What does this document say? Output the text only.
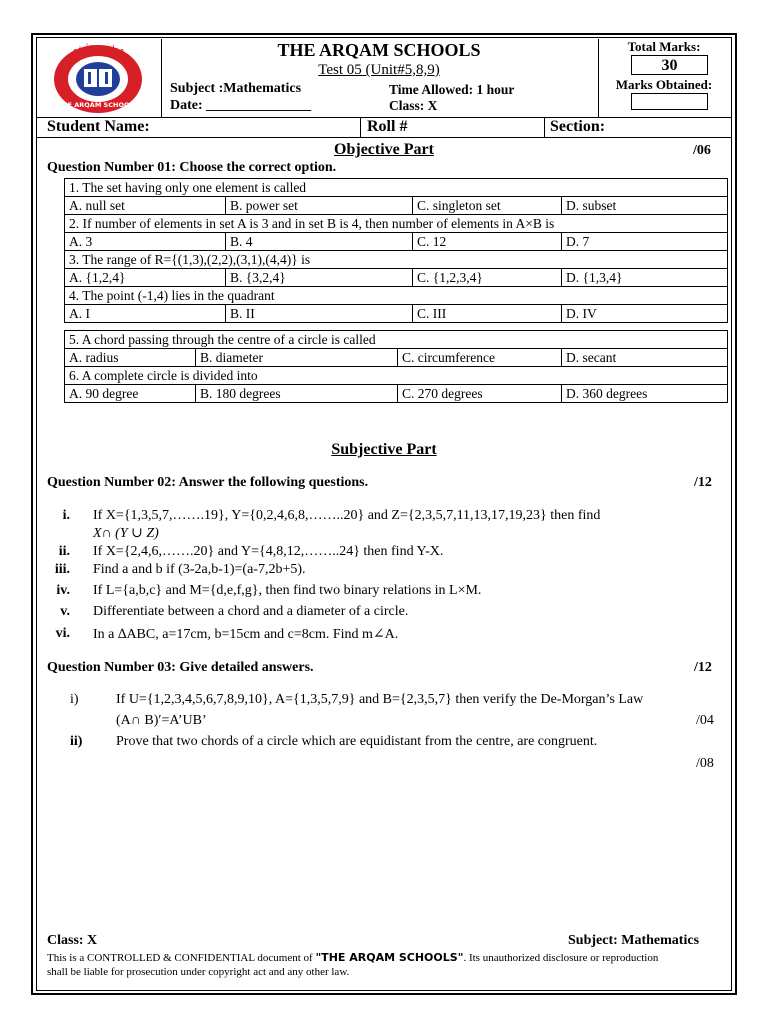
مدارس الأرقم
THE ARQAM SCHOOLS
THE ARQAM SCHOOLS
Test 05 (Unit#5,8,9)
Subject :Mathematics	Time Allowed: 1 hour
Date: _______________	Class: X
Total Marks:
30
Marks Obtained:
Student Name:	Roll #	Section:
Objective Part	/06
Question Number 01: Choose the correct option.
1. The set having only one element is called			
A. null set	B. power set	C. singleton set	D. subset
2. If number of elements in set A is 3 and in set B is 4, then number of elements in A×B is			
A. 3	B. 4	C. 12	D. 7
3. The range of R={(1,3),(2,2),(3,1),(4,4)} is			
A. {1,2,4}	B. {3,2,4}	C. {1,2,3,4}	D. {1,3,4}
4. The point (-1,4) lies in the quadrant			
A. I	B. II	C. III	D. IV
5. A chord passing through the centre of a circle is called			
A. radius	B. diameter	C. circumference	D. secant
6. A complete circle is divided into			
A. 90 degree	B. 180 degrees	C. 270 degrees	D. 360 degrees
Subjective Part
Question Number 02: Answer the following questions.	/12
i. If X={1,3,5,7,…….19}, Y={0,2,4,6,8,……..20} and Z={2,3,5,7,11,13,17,19,23} then find
X∩ (Y ∪ Z)
ii. If X={2,4,6,…….20} and Y={4,8,12,……..24} then find Y-X.
iii. Find a and b if (3-2a,b-1)=(a-7,2b+5).
iv. If L={a,b,c} and M={d,e,f,g}, then find two binary relations in L×M.
v. Differentiate between a chord and a diameter of a circle.
vi. In a ∆ABC, a=17cm, b=15cm and c=8cm. Find m∠A.
Question Number 03: Give detailed answers.	/12
i)	If U={1,2,3,4,5,6,7,8,9,10}, A={1,3,5,7,9} and B={2,3,5,7} then verify the De-Morgan’s Law
(A∩ B)′=A’UB’	/04
ii) Prove that two chords of a circle which are equidistant from the centre, are congruent.
/08
Class: X	Subject: Mathematics
This is a CONTROLLED & CONFIDENTIAL document of "THE ARQAM SCHOOLS". Its unauthorized disclosure or reproduction
shall be liable for prosecution under copyright act and any other law.
